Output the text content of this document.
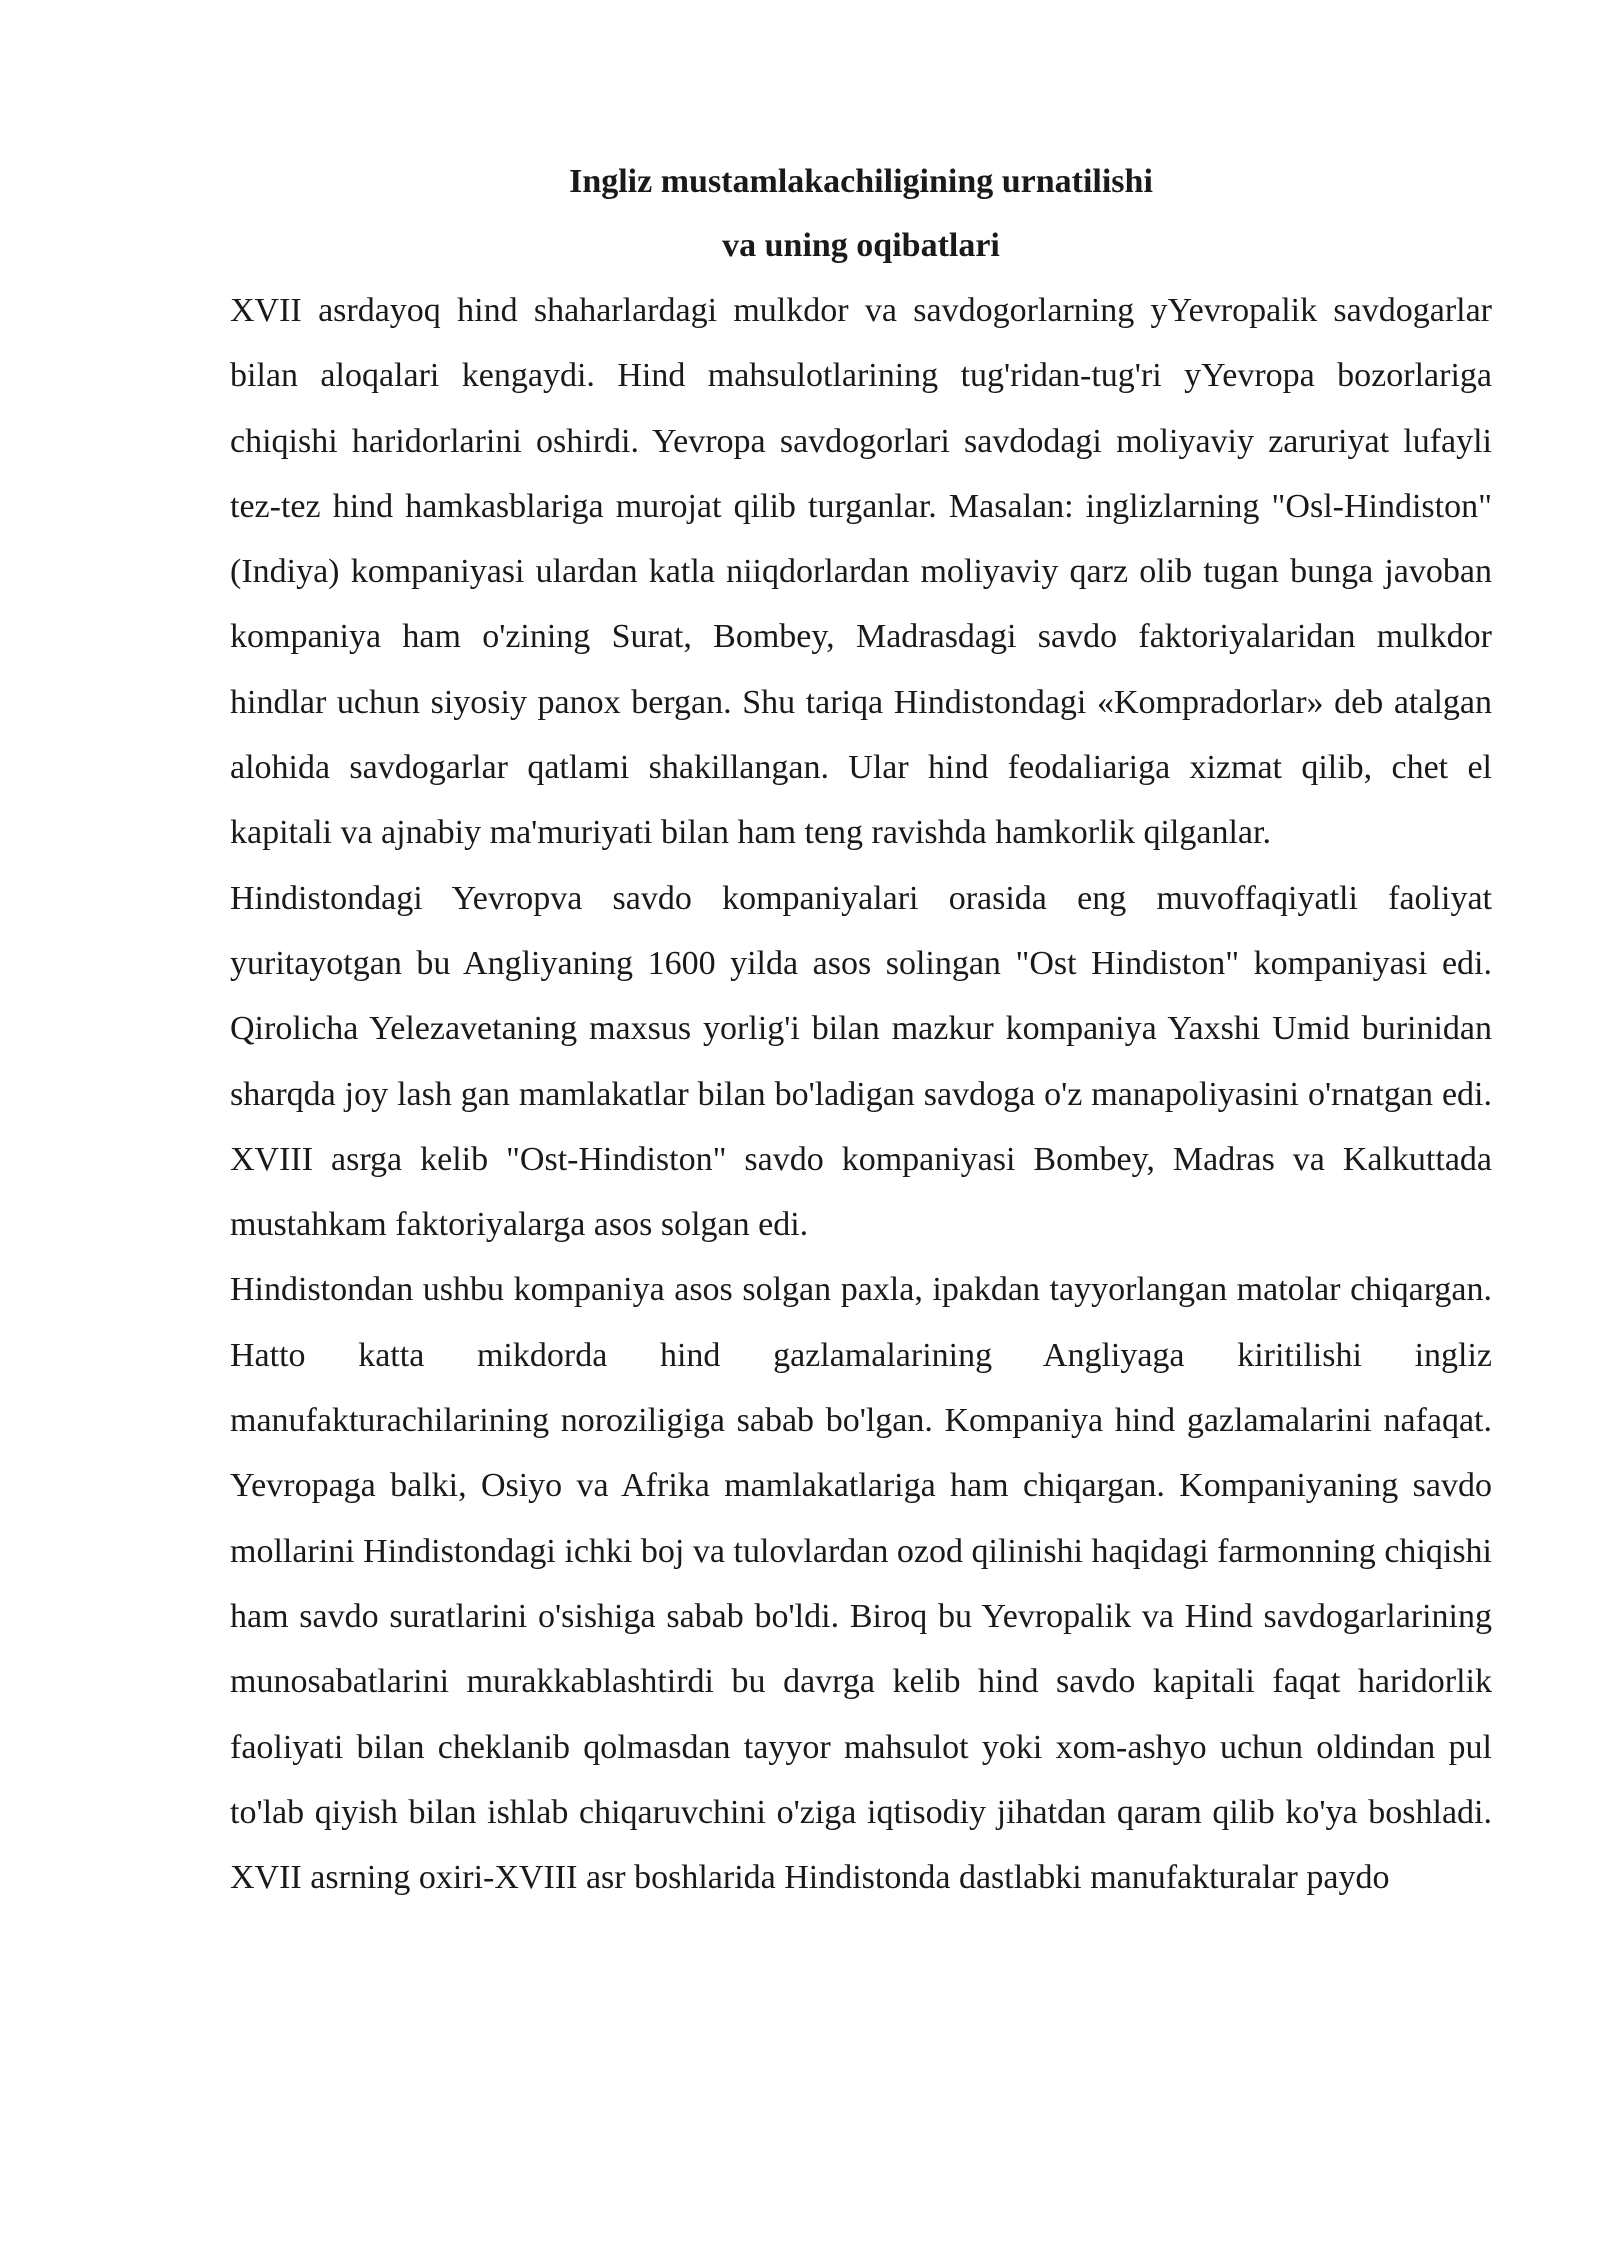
Ingliz mustamlakachiligining urnatilishi
va uning oqibatlari

XVII asrdayoq hind shaharlardagi mulkdor va savdogorlarning yYevropalik savdogarlar bilan aloqalari kengaydi. Hind mahsulotlarining tug'ridan-tug'ri yYevropa bozorlariga chiqishi haridorlarini oshirdi. Yevropa savdogorlari savdodagi moliyaviy zaruriyat lufayli tez-tez hind hamkasblariga murojat qilib turganlar. Masalan: inglizlarning "Osl-Hindiston" (Indiya) kompaniyasi ulardan katla niiqdorlardan moliyaviy qarz olib tugan bunga javoban kompaniya ham o'zining Surat, Bombey, Madrasdagi savdo faktoriyalaridan mulkdor hindlar uchun siyosiy panox bergan. Shu tariqa Hindistondagi «Kompradorlar» deb atalgan alohida savdogarlar qatlami shakillangan. Ular hind feodaliariga xizmat qilib, chet el kapitali va ajnabiy ma'muriyati bilan ham teng ravishda hamkorlik qilganlar.

Hindistondagi Yevropva savdo kompaniyalari orasida eng muvoffaqiyatli faoliyat yuritayotgan bu Angliyaning 1600 yilda asos solingan "Ost Hindiston" kompaniyasi edi. Qirolicha Yelezavetaning maxsus yorlig'i bilan mazkur kompaniya Yaxshi Umid burinidan sharqda joy lash gan mamlakatlar bilan bo'ladigan savdoga o'z manapoliyasini o'rnatgan edi. XVIII asrga kelib "Ost-Hindiston" savdo kompaniyasi Bombey, Madras va Kalkuttada mustahkam faktoriyalarga asos solgan edi.

Hindistondan ushbu kompaniya asos solgan paxla, ipakdan tayyorlangan matolar chiqargan. Hatto katta mikdorda hind gazlamalarining Angliyaga kiritilishi ingliz manufakturachilarining noroziligiga sabab bo'lgan. Kompaniya hind gazlamalarini nafaqat. Yevropaga balki, Osiyo va Afrika mamlakatlariga ham chiqargan. Kompaniyaning savdo mollarini Hindistondagi ichki boj va tulovlardan ozod qilinishi haqidagi farmonning chiqishi ham savdo suratlarini o'sishiga sabab bo'ldi. Biroq bu Yevropalik va Hind savdogarlarining munosabatlarini murakkablashtirdi bu davrga kelib hind savdo kapitali faqat haridorlik faoliyati bilan cheklanib qolmasdan tayyor mahsulot yoki xom-ashyo uchun oldindan pul to'lab qiyish bilan ishlab chiqaruvchini o'ziga iqtisodiy jihatdan qaram qilib ko'ya boshladi. XVII asrning oxiri-XVIII asr boshlarida Hindistonda dastlabki manufakturalar paydo
